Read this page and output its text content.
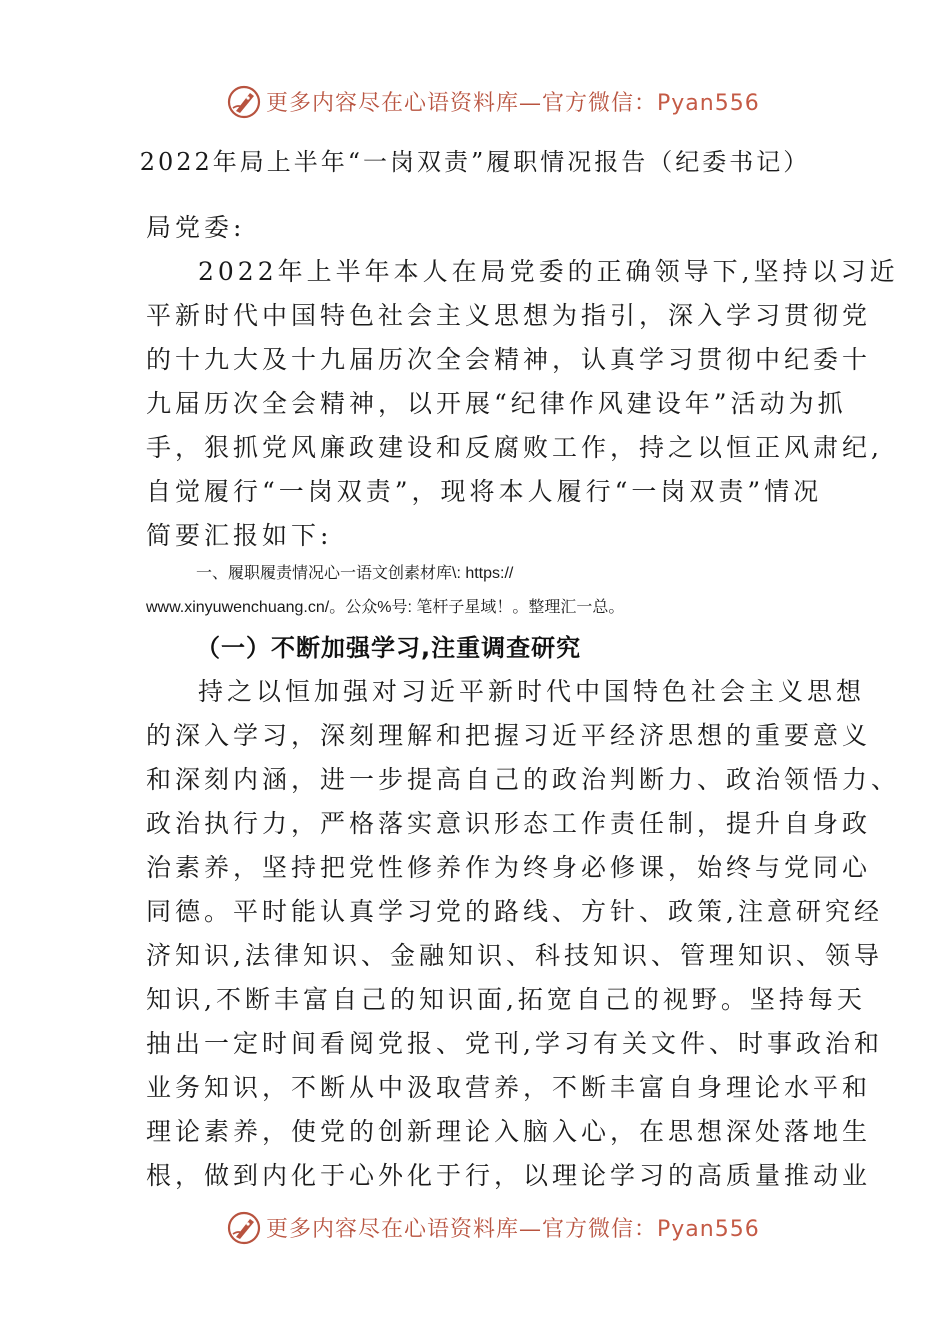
更多内容尽在心语资料库—官方微信：Pyan556
2022年局上半年“一岗双责”履职情况报告（纪委书记）
局党委:
2022年上半年本人在局党委的正确领导下,坚持以习近
平新时代中国特色社会主义思想为指引，深入学习贯彻党
的十九大及十九届历次全会精神，认真学习贯彻中纪委十
九届历次全会精神，以开展“纪律作风建设年”活动为抓
手，狠抓党风廉政建设和反腐败工作，持之以恒正风肃纪,
自觉履行“一岗双责”，现将本人履行“一岗双责”情况
简要汇报如下:
一、履职履责情况心一语文创素材库\: https://
www.xinyuwenchuang.cn/。公众%号: 笔杆子星域！。整理汇一总。
（一）不断加强学习,注重调查研究
持之以恒加强对习近平新时代中国特色社会主义思想
的深入学习，深刻理解和把握习近平经济思想的重要意义
和深刻内涵，进一步提高自己的政治判断力、政治领悟力、
政治执行力，严格落实意识形态工作责任制，提升自身政
治素养，坚持把党性修养作为终身必修课，始终与党同心
同德。平时能认真学习党的路线、方针、政策,注意研究经
济知识,法律知识、金融知识、科技知识、管理知识、领导
知识,不断丰富自己的知识面,拓宽自己的视野。坚持每天
抽出一定时间看阅党报、党刊,学习有关文件、时事政治和
业务知识，不断从中汲取营养，不断丰富自身理论水平和
理论素养，使党的创新理论入脑入心，在思想深处落地生
根，做到内化于心外化于行，以理论学习的高质量推动业
更多内容尽在心语资料库—官方微信：Pyan556
